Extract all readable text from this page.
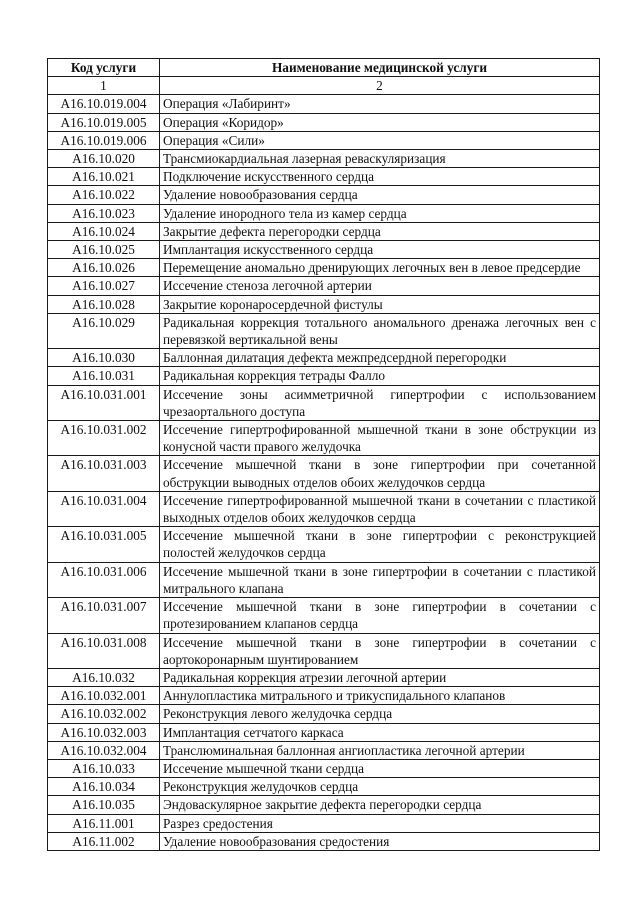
Код услуги	Наименование медицинской услуги
1	2
A16.10.019.004	Операция «Лабиринт»
A16.10.019.005	Операция «Коридор»
A16.10.019.006	Операция «Сили»
A16.10.020	Трансмиокардиальная лазерная реваскуляризация
A16.10.021	Подключение искусственного сердца
A16.10.022	Удаление новообразования сердца
A16.10.023	Удаление инородного тела из камер сердца
A16.10.024	Закрытие дефекта перегородки сердца
A16.10.025	Имплантация искусственного сердца
A16.10.026	Перемещение аномально дренирующих легочных вен в левое предсердие
A16.10.027	Иссечение стеноза легочной артерии
A16.10.028	Закрытие коронаросердечной фистулы
A16.10.029	Радикальная коррекция тотального аномального дренажа легочных вен с перевязкой вертикальной вены
A16.10.030	Баллонная дилатация дефекта межпредсердной перегородки
A16.10.031	Радикальная коррекция тетрады Фалло
A16.10.031.001	Иссечение зоны асимметричной гипертрофии с использованием чрезаортального доступа
A16.10.031.002	Иссечение гипертрофированной мышечной ткани в зоне обструкции из конусной части правого желудочка
A16.10.031.003	Иссечение мышечной ткани в зоне гипертрофии при сочетанной обструкции выводных отделов обоих желудочков сердца
A16.10.031.004	Иссечение гипертрофированной мышечной ткани в сочетании с пластикой выходных отделов обоих желудочков сердца
A16.10.031.005	Иссечение мышечной ткани в зоне гипертрофии с реконструкцией полостей желудочков сердца
A16.10.031.006	Иссечение мышечной ткани в зоне гипертрофии в сочетании с пластикой митрального клапана
A16.10.031.007	Иссечение мышечной ткани в зоне гипертрофии в сочетании с протезированием клапанов сердца
A16.10.031.008	Иссечение мышечной ткани в зоне гипертрофии в сочетании с аортокоронарным шунтированием
A16.10.032	Радикальная коррекция атрезии легочной артерии
A16.10.032.001	Аннулопластика митрального и трикуспидального клапанов
A16.10.032.002	Реконструкция левого желудочка сердца
A16.10.032.003	Имплантация сетчатого каркаса
A16.10.032.004	Транслюминальная баллонная ангиопластика легочной артерии
A16.10.033	Иссечение мышечной ткани сердца
A16.10.034	Реконструкция желудочков сердца
A16.10.035	Эндоваскулярное закрытие дефекта перегородки сердца
A16.11.001	Разрез средостения
A16.11.002	Удаление новообразования средостения
